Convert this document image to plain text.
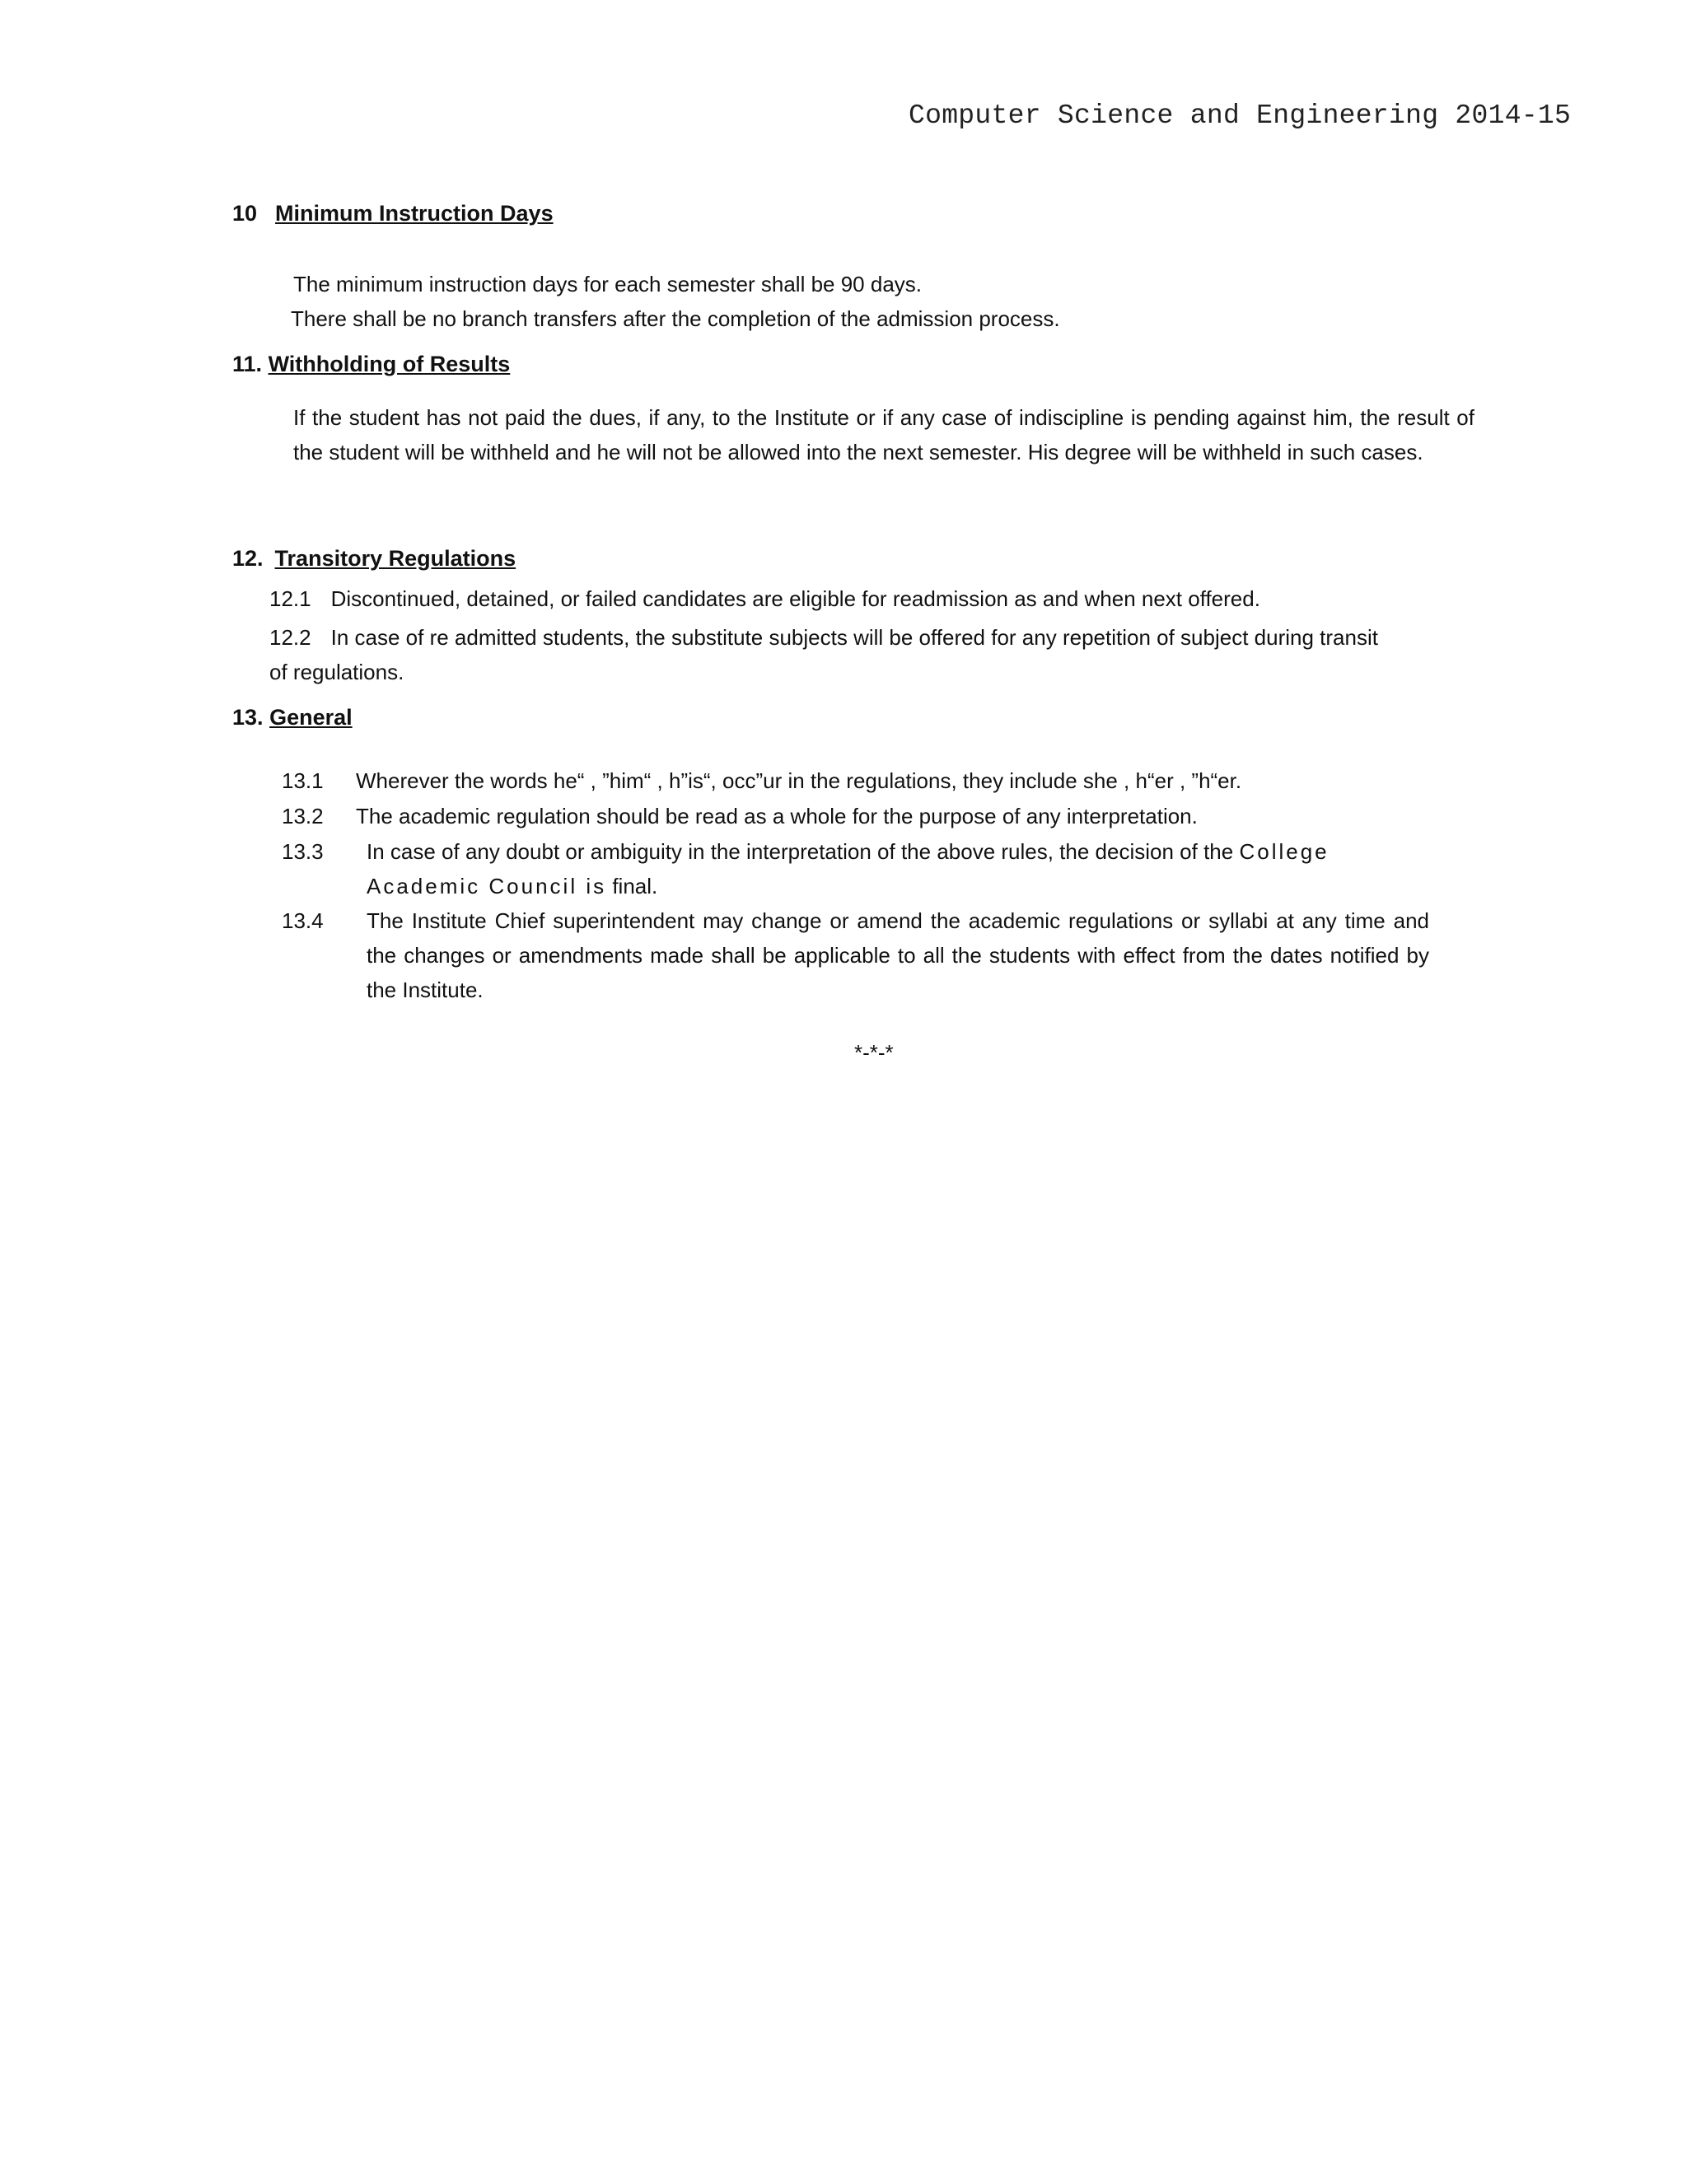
Computer Science and Engineering 2014-15
10 Minimum Instruction Days
The minimum instruction days for each semester shall be 90 days.
There shall be no branch transfers after the completion of the admission process.
11. Withholding of Results
If the student has not paid the dues, if any, to the Institute or if any case of indiscipline is pending against him, the result of the student will be withheld and he will not be allowed into the next semester. His degree will be withheld in such cases.
12. Transitory Regulations
12.1 Discontinued, detained, or failed candidates are eligible for readmission as and when next offered.
12.2 In case of re admitted students, the substitute subjects will be offered for any repetition of subject during transit
of regulations.
13. General
13.1 Wherever the words he“ , ”him“ , h”is“, occ”ur in the regulations, they include she , h“er , ”h“er.
13.2 The academic regulation should be read as a whole for the purpose of any interpretation.
13.3 In case of any doubt or ambiguity in the interpretation of the above rules, the decision of the College
Academic Council is final.
13.4 The Institute Chief superintendent may change or amend the academic regulations or syllabi at any time and the changes or amendments made shall be applicable to all the students with effect from the dates notified by the Institute.
*-*-*
